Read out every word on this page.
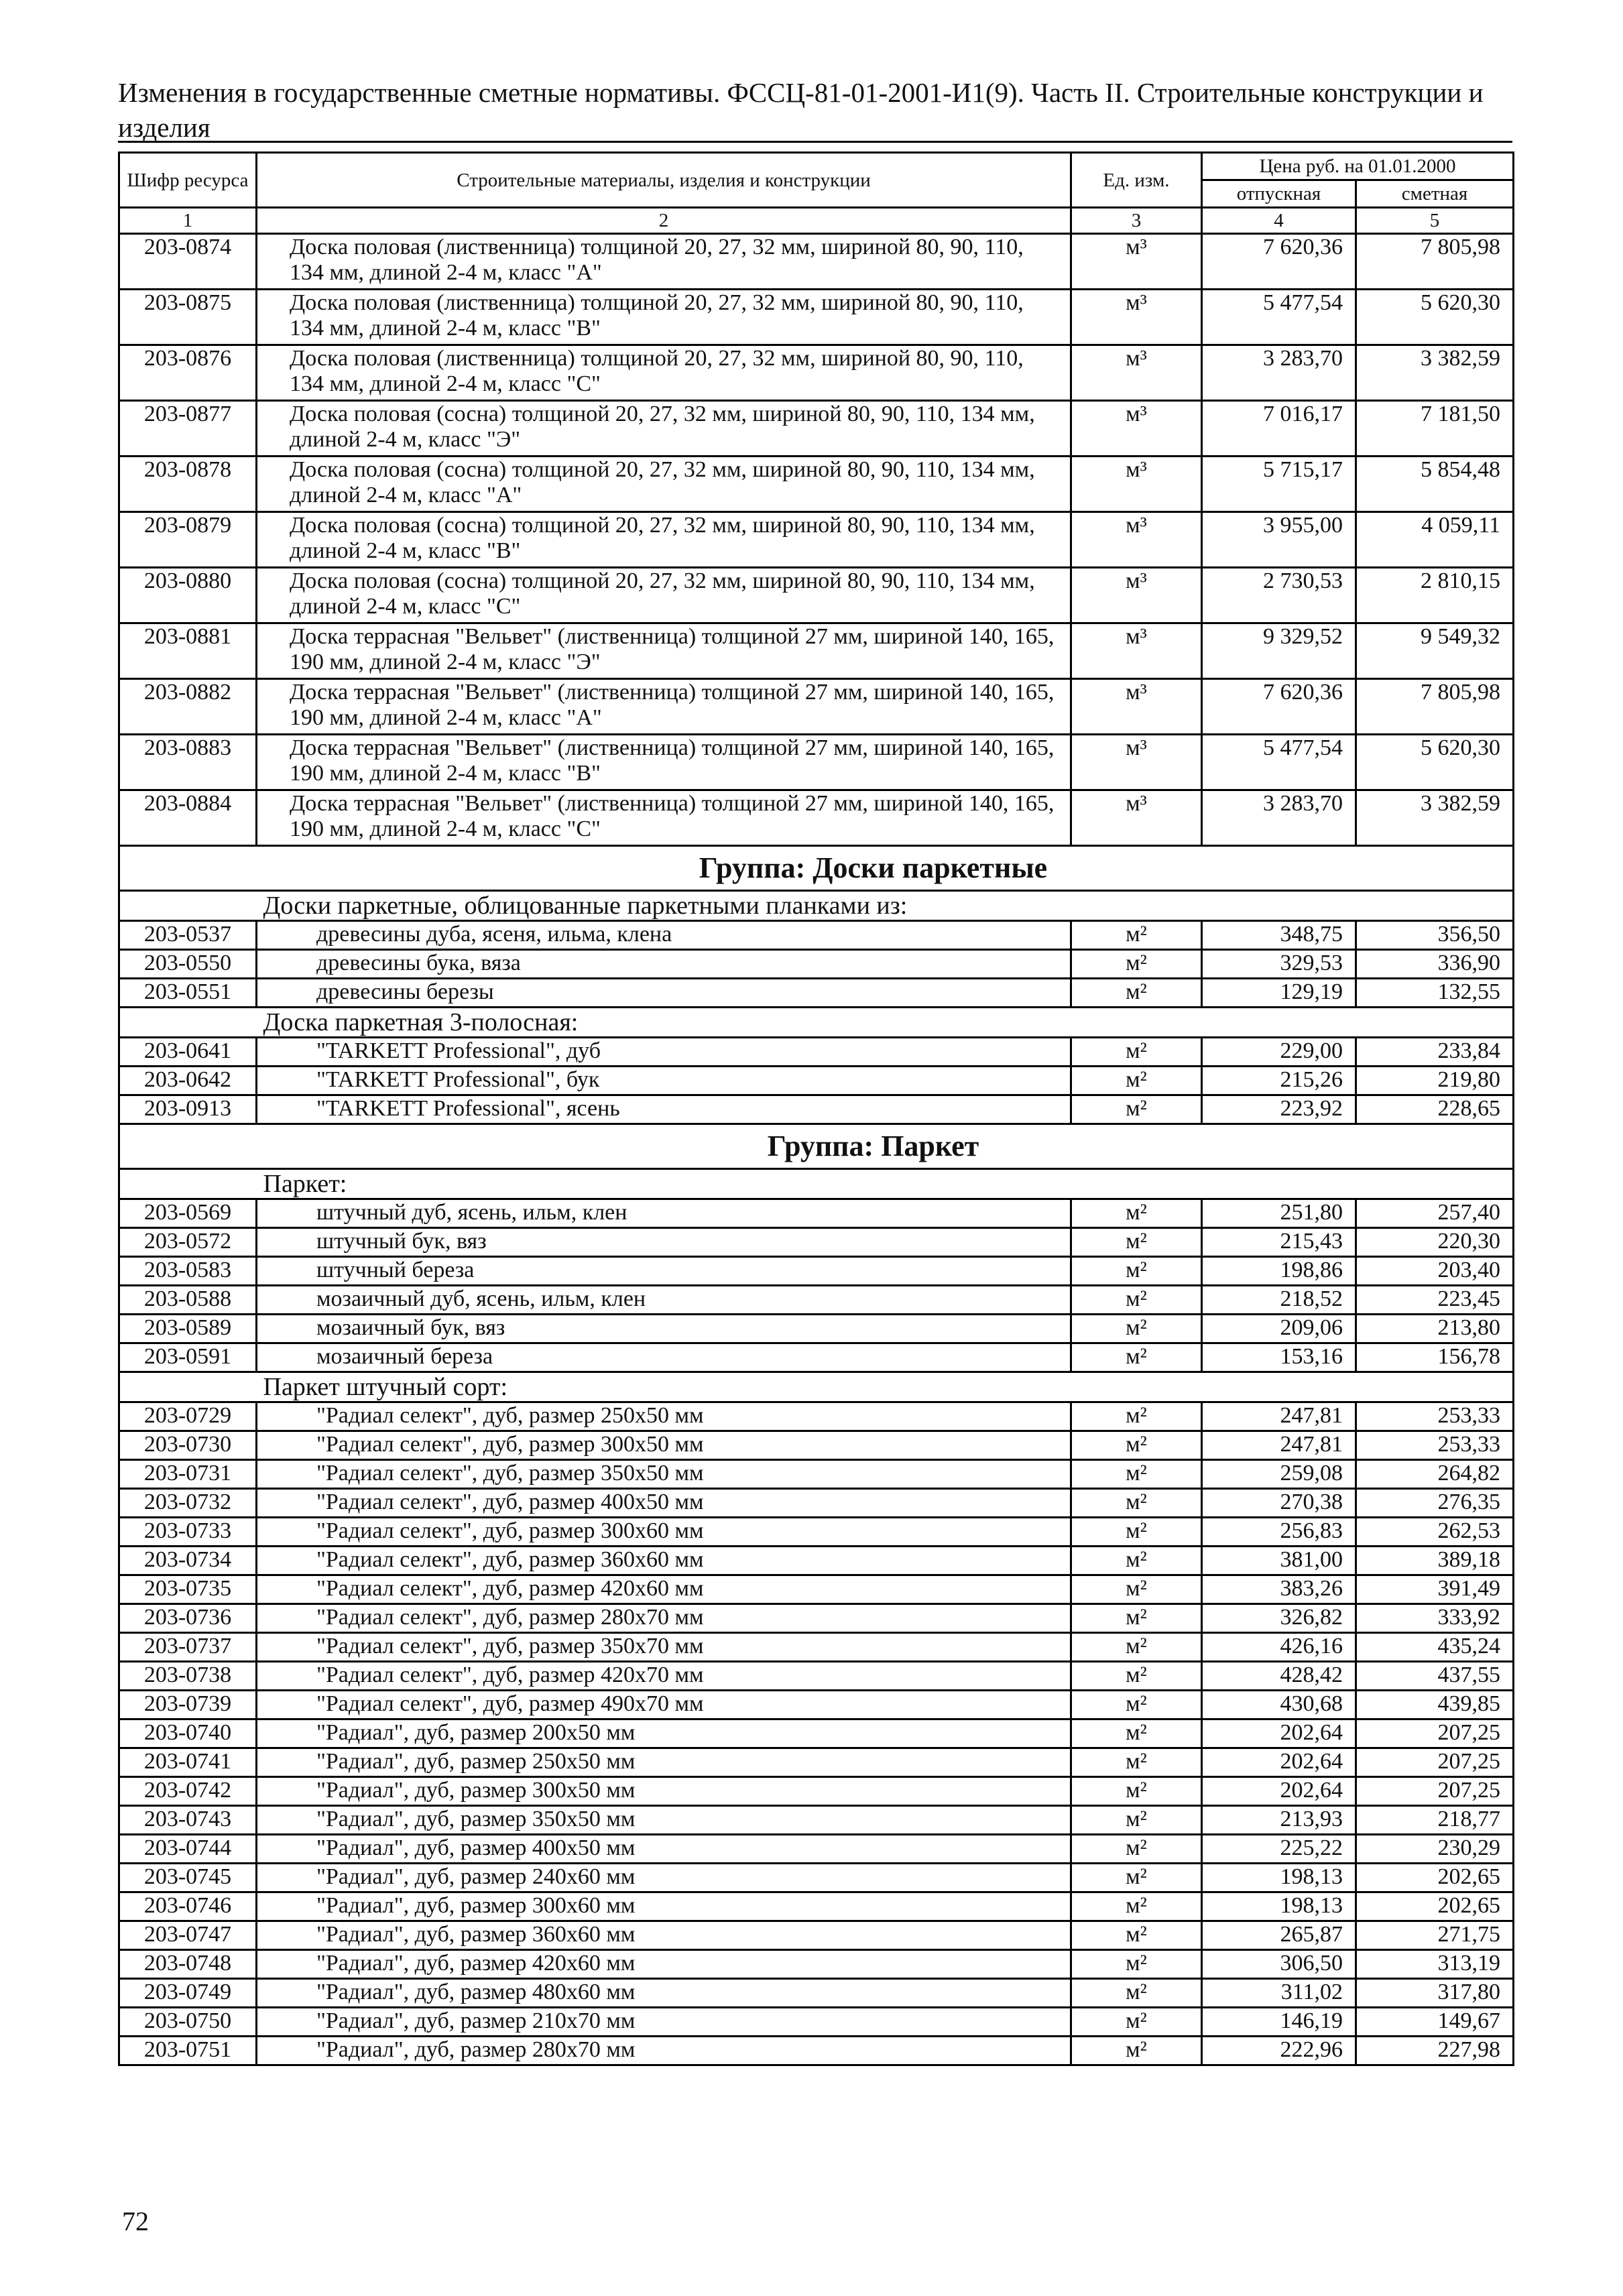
Изменения в государственные сметные нормативы. ФССЦ-81-01-2001-И1(9). Часть II. Строительные конструкции и изделия
Шифр ресурса	Строительные материалы, изделия и конструкции	Ед. изм.	Цена руб. на 01.01.2000	
			отпускная	сметная
1	2	3	4	5
203-0874	Доска половая (лиственница) толщиной 20, 27, 32 мм, шириной 80, 90, 110, 134 мм, длиной 2-4 м, класс "А"	м³	7 620,36	7 805,98
203-0875	Доска половая (лиственница) толщиной 20, 27, 32 мм, шириной 80, 90, 110, 134 мм, длиной 2-4 м, класс "В"	м³	5 477,54	5 620,30
203-0876	Доска половая (лиственница) толщиной 20, 27, 32 мм, шириной 80, 90, 110, 134 мм, длиной 2-4 м, класс "С"	м³	3 283,70	3 382,59
203-0877	Доска половая (сосна) толщиной 20, 27, 32 мм, шириной 80, 90, 110, 134 мм, длиной 2-4 м, класс "Э"	м³	7 016,17	7 181,50
203-0878	Доска половая (сосна) толщиной 20, 27, 32 мм, шириной 80, 90, 110, 134 мм, длиной 2-4 м, класс "А"	м³	5 715,17	5 854,48
203-0879	Доска половая (сосна) толщиной 20, 27, 32 мм, шириной 80, 90, 110, 134 мм, длиной 2-4 м, класс "В"	м³	3 955,00	4 059,11
203-0880	Доска половая (сосна) толщиной 20, 27, 32 мм, шириной 80, 90, 110, 134 мм, длиной 2-4 м, класс "С"	м³	2 730,53	2 810,15
203-0881	Доска террасная "Вельвет" (лиственница) толщиной 27 мм, шириной 140, 165, 190 мм, длиной 2-4 м, класс "Э"	м³	9 329,52	9 549,32
203-0882	Доска террасная "Вельвет" (лиственница) толщиной 27 мм, шириной 140, 165, 190 мм, длиной 2-4 м, класс "А"	м³	7 620,36	7 805,98
203-0883	Доска террасная "Вельвет" (лиственница) толщиной 27 мм, шириной 140, 165, 190 мм, длиной 2-4 м, класс "В"	м³	5 477,54	5 620,30
203-0884	Доска террасная "Вельвет" (лиственница) толщиной 27 мм, шириной 140, 165, 190 мм, длиной 2-4 м, класс "С"	м³	3 283,70	3 382,59
Группа: Доски паркетные				
	Доски паркетные, облицованные паркетными планками из:			
203-0537	древесины дуба, ясеня, ильма, клена	м²	348,75	356,50
203-0550	древесины бука, вяза	м²	329,53	336,90
203-0551	древесины березы	м²	129,19	132,55
	Доска паркетная 3-полосная:			
203-0641	"TARKETT Professional", дуб	м²	229,00	233,84
203-0642	"TARKETT Professional", бук	м²	215,26	219,80
203-0913	"TARKETT Professional", ясень	м²	223,92	228,65
Группа: Паркет				
	Паркет:			
203-0569	штучный дуб, ясень, ильм, клен	м²	251,80	257,40
203-0572	штучный бук, вяз	м²	215,43	220,30
203-0583	штучный береза	м²	198,86	203,40
203-0588	мозаичный дуб, ясень, ильм, клен	м²	218,52	223,45
203-0589	мозаичный бук, вяз	м²	209,06	213,80
203-0591	мозаичный береза	м²	153,16	156,78
	Паркет штучный сорт:			
203-0729	"Радиал селект", дуб, размер 250х50 мм	м²	247,81	253,33
203-0730	"Радиал селект", дуб, размер 300х50 мм	м²	247,81	253,33
203-0731	"Радиал селект", дуб, размер 350х50 мм	м²	259,08	264,82
203-0732	"Радиал селект", дуб, размер 400х50 мм	м²	270,38	276,35
203-0733	"Радиал селект", дуб, размер 300х60 мм	м²	256,83	262,53
203-0734	"Радиал селект", дуб, размер 360х60 мм	м²	381,00	389,18
203-0735	"Радиал селект", дуб, размер 420х60 мм	м²	383,26	391,49
203-0736	"Радиал селект", дуб, размер 280х70 мм	м²	326,82	333,92
203-0737	"Радиал селект", дуб, размер 350х70 мм	м²	426,16	435,24
203-0738	"Радиал селект", дуб, размер 420х70 мм	м²	428,42	437,55
203-0739	"Радиал селект", дуб, размер 490х70 мм	м²	430,68	439,85
203-0740	"Радиал", дуб, размер 200х50 мм	м²	202,64	207,25
203-0741	"Радиал", дуб, размер 250х50 мм	м²	202,64	207,25
203-0742	"Радиал", дуб, размер 300х50 мм	м²	202,64	207,25
203-0743	"Радиал", дуб, размер 350х50 мм	м²	213,93	218,77
203-0744	"Радиал", дуб, размер 400х50 мм	м²	225,22	230,29
203-0745	"Радиал", дуб, размер 240х60 мм	м²	198,13	202,65
203-0746	"Радиал", дуб, размер 300х60 мм	м²	198,13	202,65
203-0747	"Радиал", дуб, размер 360х60 мм	м²	265,87	271,75
203-0748	"Радиал", дуб, размер 420х60 мм	м²	306,50	313,19
203-0749	"Радиал", дуб, размер 480х60 мм	м²	311,02	317,80
203-0750	"Радиал", дуб, размер 210х70 мм	м²	146,19	149,67
203-0751	"Радиал", дуб, размер 280х70 мм	м²	222,96	227,98
72
